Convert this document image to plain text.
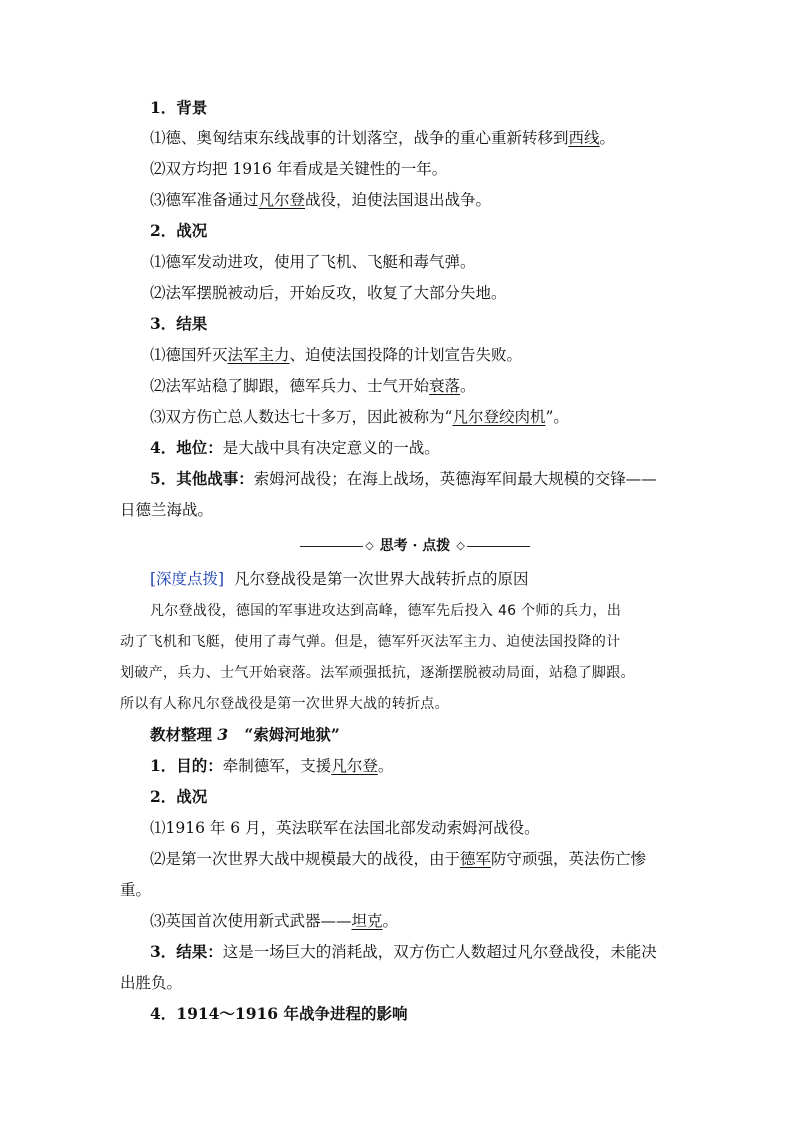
1．背景
⑴德、奥匈结束东线战事的计划落空，战争的重心重新转移到西线。
⑵双方均把 1916 年看成是关键性的一年。
⑶德军准备通过凡尔登战役，迫使法国退出战争。
2．战况
⑴德军发动进攻，使用了飞机、飞艇和毒气弹。
⑵法军摆脱被动后，开始反攻，收复了大部分失地。
3．结果
⑴德国歼灭法军主力、迫使法国投降的计划宣告失败。
⑵法军站稳了脚跟，德军兵力、士气开始衰落。
⑶双方伤亡总人数达七十多万，因此被称为“凡尔登绞肉机”。
4．地位：是大战中具有决定意义的一战。
5．其他战事：索姆河战役；在海上战场，英德海军间最大规模的交锋——
日德兰海战。
◇ 思考 · 点拨 ◇
[深度点拨] 凡尔登战役是第一次世界大战转折点的原因
凡尔登战役，德国的军事进攻达到高峰，德军先后投入 46 个师的兵力，出
动了飞机和飞艇，使用了毒气弹。但是，德军歼灭法军主力、迫使法国投降的计
划破产，兵力、士气开始衰落。法军顽强抵抗，逐渐摆脱被动局面，站稳了脚跟。
所以有人称凡尔登战役是第一次世界大战的转折点。
教材整理 3 “索姆河地狱”
1．目的：牵制德军，支援凡尔登。
2．战况
⑴1916 年 6 月，英法联军在法国北部发动索姆河战役。
⑵是第一次世界大战中规模最大的战役，由于德军防守顽强，英法伤亡惨
重。
⑶英国首次使用新式武器——坦克。
3．结果：这是一场巨大的消耗战，双方伤亡人数超过凡尔登战役，未能决
出胜负。
4．1914～1916 年战争进程的影响
